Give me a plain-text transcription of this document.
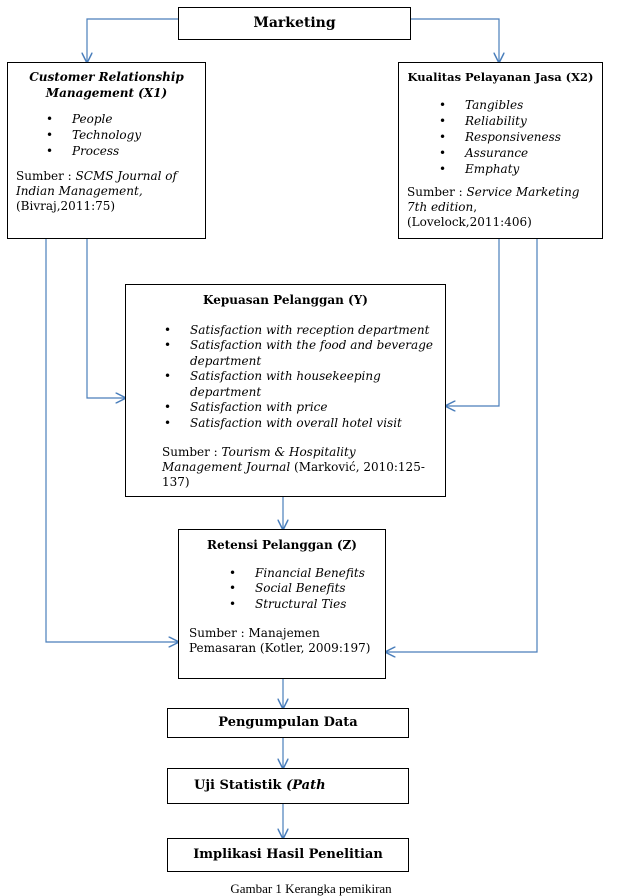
Marketing
Customer Relationship Management (X1)
• People
• Technology
• Process
Sumber : SCMS Journal of Indian Management, (Bivraj,2011:75)
Kualitas Pelayanan Jasa (X2)
• Tangibles
• Reliability
• Responsiveness
• Assurance
• Emphaty
Sumber : Service Marketing 7th edition, (Lovelock,2011:406)
Kepuasan Pelanggan (Y)
• Satisfaction with reception department
• Satisfaction with the food and beverage department
• Satisfaction with housekeeping department
• Satisfaction with price
• Satisfaction with overall hotel visit
Sumber : Tourism & Hospitality Management Journal (Marković, 2010:125-137)
Retensi Pelanggan (Z)
• Financial Benefits
• Social Benefits
• Structural Ties
Sumber : Manajemen
Pemasaran (Kotler, 2009:197)
Pengumpulan Data
Uji Statistik (Path
Implikasi Hasil Penelitian
Gambar 1 Kerangka pemikiran
